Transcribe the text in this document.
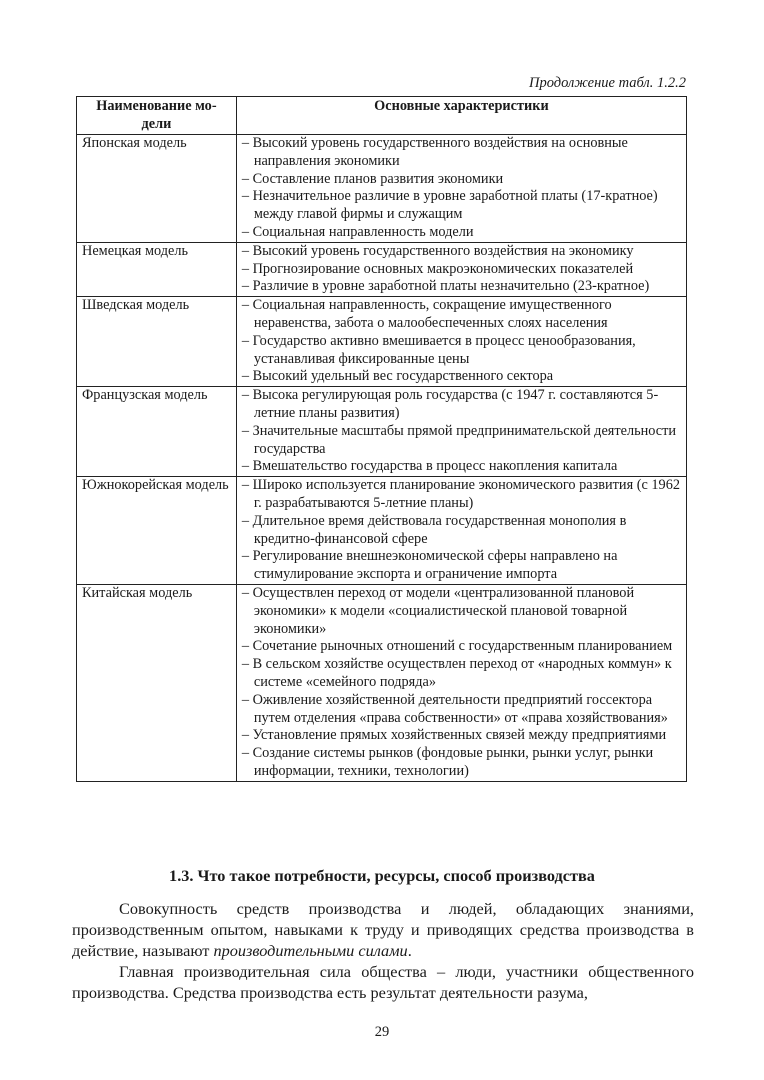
Продолжение табл. 1.2.2
Наименование мо-
дели	Основные характеристики
Японская модель	– Высокий уровень государственного воздействия на основные направления экономики
– Составление планов развития экономики
– Незначительное различие в уровне заработной платы (17-кратное) между главой фирмы и служащим
– Социальная направленность модели

Немецкая модель	– Высокий уровень государственного воздействия на экономику
– Прогнозирование основных макроэкономических показателей
– Различие в уровне заработной платы незначительно (23-кратное)

Шведская модель	– Социальная направленность, сокращение имущественного неравенства, забота о малообеспеченных слоях населения
– Государство активно вмешивается в процесс ценообразования, устанавливая фиксированные цены
– Высокий удельный вес государственного сектора

Французская модель	– Высока регулирующая роль государства (с 1947 г. составляются 5-летние планы развития)
– Значительные масштабы прямой предпринимательской деятельности государства
– Вмешательство государства в процесс накопления капитала

Южнокорейская модель	– Широко используется планирование экономического развития (с 1962 г. разрабатываются 5-летние планы)
– Длительное время действовала государственная монополия в кредитно-финансовой сфере
– Регулирование внешнеэкономической сферы направлено на стимулирование экспорта и ограничение импорта

Китайская модель	– Осуществлен переход от модели «централизованной плановой экономики» к модели «социалистической плановой товарной экономики»
– Сочетание рыночных отношений с государственным планированием
– В сельском хозяйстве осуществлен переход от «народных коммун» к системе «семейного подряда»
– Оживление хозяйственной деятельности предприятий госсектора путем отделения «права собственности» от «права хозяйствования»
– Установление прямых хозяйственных связей между предприятиями
– Создание системы рынков (фондовые рынки, рынки услуг, рынки информации, техники, технологии)
1.3. Что такое потребности, ресурсы, способ производства
Совокупность средств производства и людей, обладающих знаниями, производственным опытом, навыками к труду и приводящих средства производства в действие, называют производительными силами.
Главная производительная сила общества – люди, участники общественного производства. Средства производства есть результат деятельности разума,
29
